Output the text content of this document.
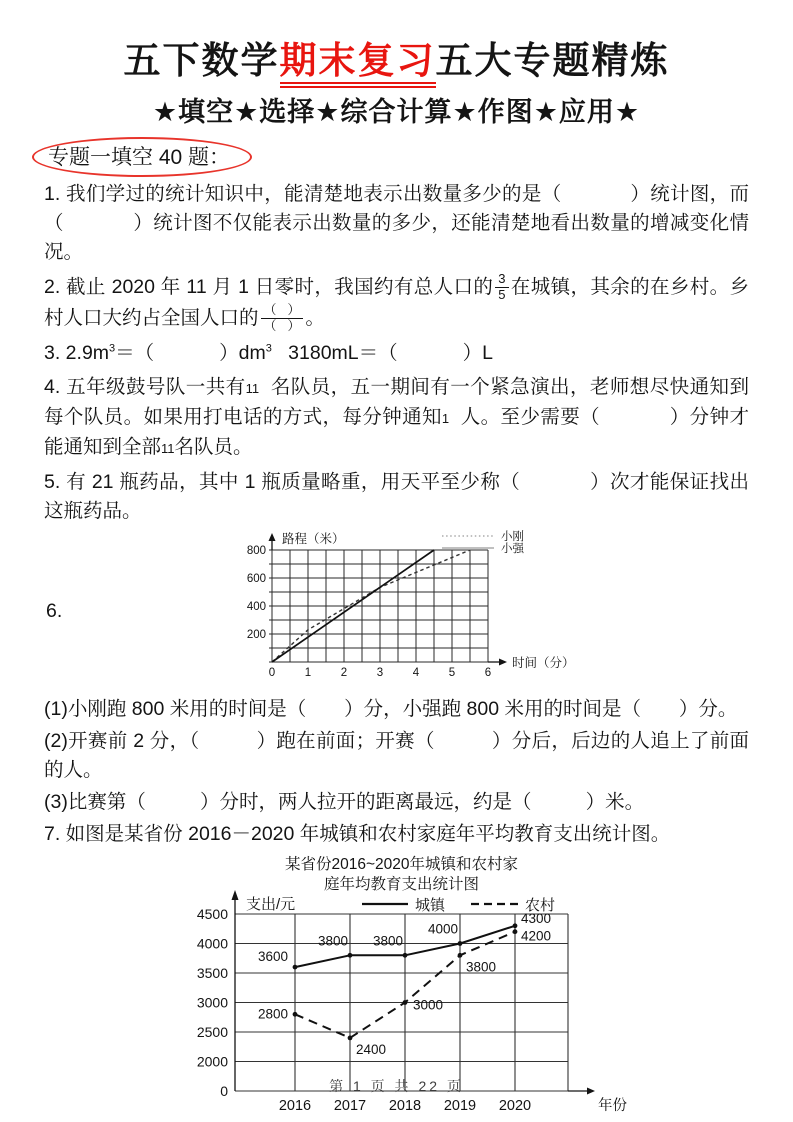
五下数学期末复习五大专题精炼
★填空★选择★综合计算★作图★应用★
专题一填空 40 题：

1. 我们学过的统计知识中，能清楚地表示出数量多少的是（            ）统计图，而（            ）统计图不仅能表示出数量的多少，还能清楚地看出数量的增减变化情况。

2. 截止 2020 年 11 月 1 日零时，我国约有总人口的 $\frac{3}{5}$ 在城镇，其余的在乡村。乡村人口大约占全国人口的 $\frac{( )}{( )}$ 。

3. $2.9m^3=$（            ）$dm^3$   3180mL＝（            ）L

4. 五年级鼓号队一共有11  名队员，五一期间有一个紧急演出，老师想尽快通知到每个队员。如果用打电话的方式，每分钟通知1  人。至少需要（            ）分钟才能通知到全部11名队员。

5. 有 21 瓶药品，其中 1 瓶质量略重，用天平至少称（            ）次才能保证找出这瓶药品。

6.
800
600
400
200
0	1	2	3	4	5	6
路程（米）
时间（分）
小刚
小强

(1)小刚跑 800 米用的时间是（       ）分，小强跑 800 米用的时间是（       ）分。

(2)开赛前 2 分，（          ）跑在前面；开赛（          ）分后，后边的人追上了前面的人。

(3)比赛第（          ）分时，两人拉开的距离最远，约是（          ）米。

7. 如图是某省份 2016－2020 年城镇和农村家庭年平均教育支出统计图。

某省份2016~2020年城镇和农村家
庭年均教育支出统计图
0
2000
2500
3000
3500
4000
4500
2016 2017 2018 2019 2020
支出/元
年份
城镇	农村
3600
3800 3800
4000
4300
2800
2400
3000
3800
4200
第 1 页 共 22 页
